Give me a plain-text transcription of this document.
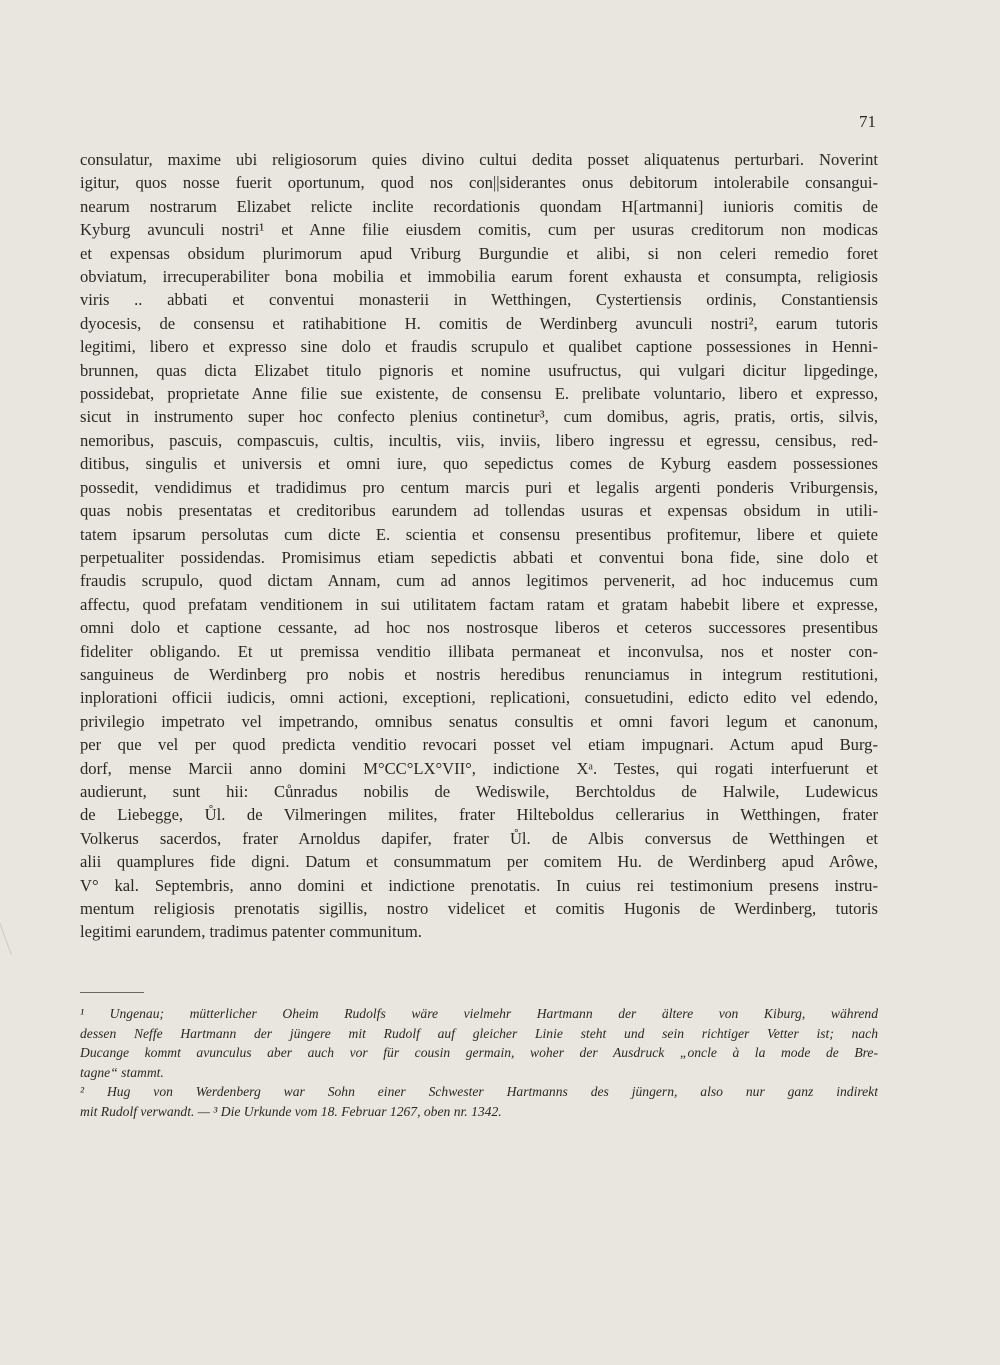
71
consulatur, maxime ubi religiosorum quies divino cultui dedita posset aliquatenus perturbari. Noverint
igitur, quos nosse fuerit oportunum, quod nos con||siderantes onus debitorum intolerabile consangui-
nearum nostrarum Elizabet relicte inclite recordationis quondam H[artmanni] iunioris comitis de
Kyburg avunculi nostri¹ et Anne filie eiusdem comitis, cum per usuras creditorum non modicas
et expensas obsidum plurimorum apud Vriburg Burgundie et alibi, si non celeri remedio foret
obviatum, irrecuperabiliter bona mobilia et immobilia earum forent exhausta et consumpta, religiosis
viris .. abbati et conventui monasterii in Wetthingen, Cystertiensis ordinis, Constantiensis
dyocesis, de consensu et ratihabitione H. comitis de Werdinberg avunculi nostri², earum tutoris
legitimi, libero et expresso sine dolo et fraudis scrupulo et qualibet captione possessiones in Henni-
brunnen, quas dicta Elizabet titulo pignoris et nomine usufructus, qui vulgari dicitur lipgedinge,
possidebat, proprietate Anne filie sue existente, de consensu E. prelibate voluntario, libero et expresso,
sicut in instrumento super hoc confecto plenius continetur³, cum domibus, agris, pratis, ortis, silvis,
nemoribus, pascuis, compascuis, cultis, incultis, viis, inviis, libero ingressu et egressu, censibus, red-
ditibus, singulis et universis et omni iure, quo sepedictus comes de Kyburg easdem possessiones
possedit, vendidimus et tradidimus pro centum marcis puri et legalis argenti ponderis Vriburgensis,
quas nobis presentatas et creditoribus earundem ad tollendas usuras et expensas obsidum in utili-
tatem ipsarum persolutas cum dicte E. scientia et consensu presentibus profitemur, libere et quiete
perpetualiter possidendas. Promisimus etiam sepedictis abbati et conventui bona fide, sine dolo et
fraudis scrupulo, quod dictam Annam, cum ad annos legitimos pervenerit, ad hoc inducemus cum
affectu, quod prefatam venditionem in sui utilitatem factam ratam et gratam habebit libere et expresse,
omni dolo et captione cessante, ad hoc nos nostrosque liberos et ceteros successores presentibus
fideliter obligando. Et ut premissa venditio illibata permaneat et inconvulsa, nos et noster con-
sanguineus de Werdinberg pro nobis et nostris heredibus renunciamus in integrum restitutioni,
inplorationi officii iudicis, omni actioni, exceptioni, replicationi, consuetudini, edicto edito vel edendo,
privilegio impetrato vel impetrando, omnibus senatus consultis et omni favori legum et canonum,
per que vel per quod predicta venditio revocari posset vel etiam impugnari. Actum apud Burg-
dorf, mense Marcii anno domini M°CC°LX°VII°, indictione Xᵃ. Testes, qui rogati interfuerunt et
audierunt, sunt hii: Cůnradus nobilis de Wediswile, Berchtoldus de Halwile, Ludewicus
de Liebegge, Ůl. de Vilmeringen milites, frater Hilteboldus cellerarius in Wetthingen, frater
Volkerus sacerdos, frater Arnoldus dapifer, frater Ůl. de Albis conversus de Wetthingen et
alii quamplures fide digni. Datum et consummatum per comitem Hu. de Werdinberg apud Arôwe,
V° kal. Septembris, anno domini et indictione prenotatis. In cuius rei testimonium presens instru-
mentum religiosis prenotatis sigillis, nostro videlicet et comitis Hugonis de Werdinberg, tutoris
legitimi earundem, tradimus patenter communitum.
¹ Ungenau; mütterlicher Oheim Rudolfs wäre vielmehr Hartmann der ältere von Kiburg, während
dessen Neffe Hartmann der jüngere mit Rudolf auf gleicher Linie steht und sein richtiger Vetter ist; nach
Ducange kommt avunculus aber auch vor für cousin germain, woher der Ausdruck „oncle à la mode de Bre-
tagne“ stammt.
² Hug von Werdenberg war Sohn einer Schwester Hartmanns des jüngern, also nur ganz indirekt
mit Rudolf verwandt. — ³ Die Urkunde vom 18. Februar 1267, oben nr. 1342.
